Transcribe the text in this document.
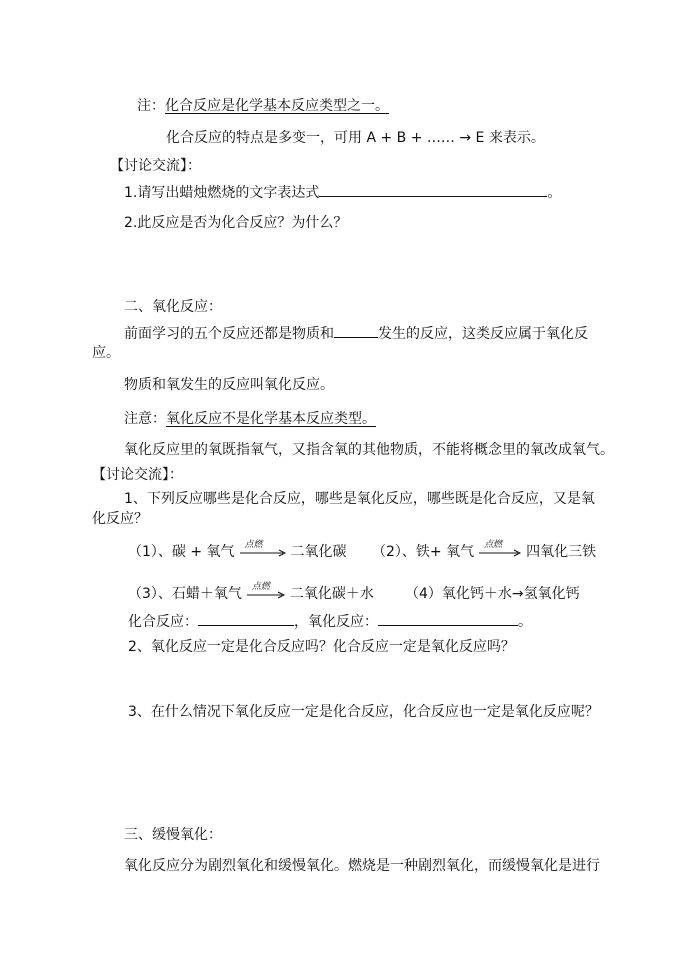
注：化合反应是化学基本反应类型之一。
化合反应的特点是多变一，可用 A + B + …… → E 来表示。
【讨论交流】：
1.请写出蜡烛燃烧的文字表达式	。
2.此反应是否为化合反应？为什么？
二、氧化反应：
前面学习的五个反应还都是物质和	发生的反应，这类反应属于氧化反
应。
物质和氧发生的反应叫氧化反应。
注意：氧化反应不是化学基本反应类型。
氧化反应里的氧既指氧气，又指含氧的其他物质，不能将概念里的氧改成氧气。
【讨论交流】：
1、下列反应哪些是化合反应，哪些是氧化反应，哪些既是化合反应，又是氧
化反应？
（1）、碳 + 氧气 点燃 二氧化碳 （2）、铁+ 氧气 点燃 四氧化三铁
（3）、石蜡＋氧气 点燃 二氧化碳＋水 （4）氧化钙＋水→氢氧化钙
化合反应：	，氧化反应：	。
2、氧化反应一定是化合反应吗？化合反应一定是氧化反应吗？
3、在什么情况下氧化反应一定是化合反应，化合反应也一定是氧化反应呢？
三、缓慢氧化：
氧化反应分为剧烈氧化和缓慢氧化。燃烧是一种剧烈氧化，而缓慢氧化是进行
